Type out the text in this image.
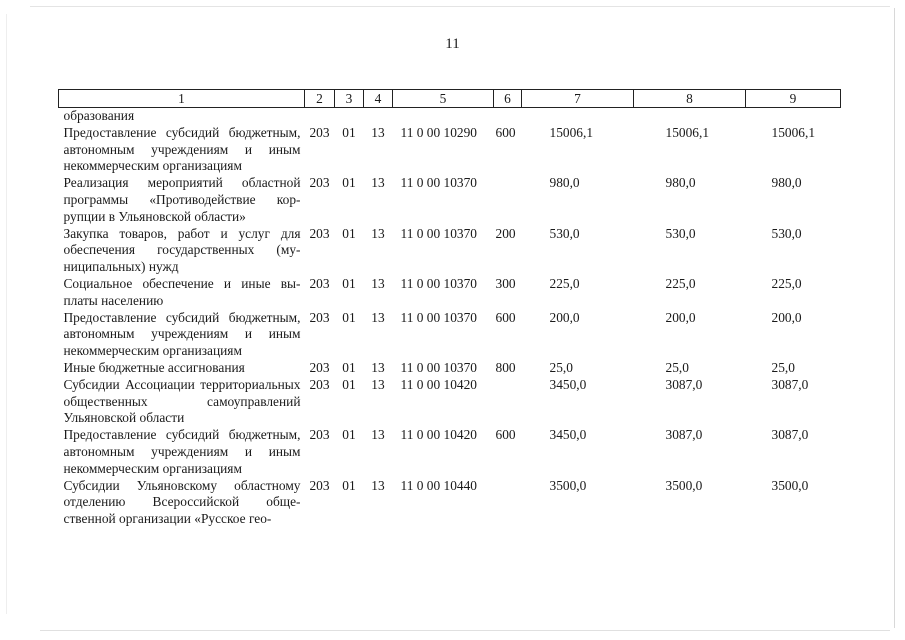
11
1	2	3	4	5	6	7	8	9
образования								
Предоставление субсидий бюджетным, автономным учреждениям и иным некоммерческим организациям	203	01	13	11 0 00 10290	600	15006,1	15006,1	15006,1
Реализация мероприятий областной программы «Противодействие коррупции в Ульяновской области»	203	01	13	11 0 00 10370		980,0	980,0	980,0
Закупка товаров, работ и услуг для обеспечения государственных (муниципальных) нужд	203	01	13	11 0 00 10370	200	530,0	530,0	530,0
Социальное обеспечение и иные выплаты населению	203	01	13	11 0 00 10370	300	225,0	225,0	225,0
Предоставление субсидий бюджетным, автономным учреждениям и иным некоммерческим организациям	203	01	13	11 0 00 10370	600	200,0	200,0	200,0
Иные бюджетные ассигнования	203	01	13	11 0 00 10370	800	25,0	25,0	25,0
Субсидии Ассоциации территориальных общественных самоуправлений Ульяновской области	203	01	13	11 0 00 10420		3450,0	3087,0	3087,0
Предоставление субсидий бюджетным, автономным учреждениям и иным некоммерческим организациям	203	01	13	11 0 00 10420	600	3450,0	3087,0	3087,0
Субсидии Ульяновскому областному отделению Всероссийской общественной организации «Русское гео-	203	01	13	11 0 00 10440		3500,0	3500,0	3500,0
